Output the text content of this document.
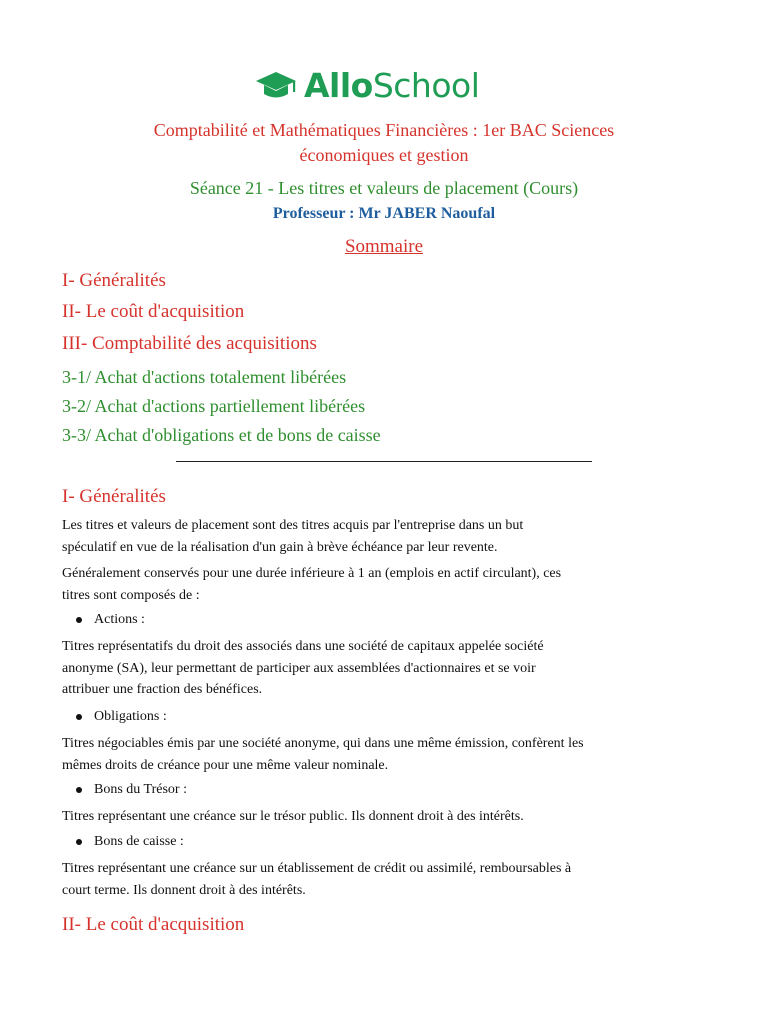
AlloSchool
Comptabilité et Mathématiques Financières : 1er BAC Sciences
économiques et gestion
Séance 21 - Les titres et valeurs de placement (Cours)
Professeur : Mr JABER Naoufal
Sommaire
I- Généralités
II- Le coût d'acquisition
III- Comptabilité des acquisitions
3-1/ Achat d'actions totalement libérées
3-2/ Achat d'actions partiellement libérées
3-3/ Achat d'obligations et de bons de caisse
I- Généralités
Les titres et valeurs de placement sont des titres acquis par l'entreprise dans un but
spéculatif en vue de la réalisation d'un gain à brève échéance par leur revente.
Généralement conservés pour une durée inférieure à 1 an (emplois en actif circulant), ces
titres sont composés de :
Actions :
Titres représentatifs du droit des associés dans une société de capitaux appelée société
anonyme (SA), leur permettant de participer aux assemblées d'actionnaires et se voir
attribuer une fraction des bénéfices.
Obligations :
Titres négociables émis par une société anonyme, qui dans une même émission, confèrent les
mêmes droits de créance pour une même valeur nominale.
Bons du Trésor :
Titres représentant une créance sur le trésor public. Ils donnent droit à des intérêts.
Bons de caisse :
Titres représentant une créance sur un établissement de crédit ou assimilé, remboursables à
court terme. Ils donnent droit à des intérêts.
II- Le coût d'acquisition
